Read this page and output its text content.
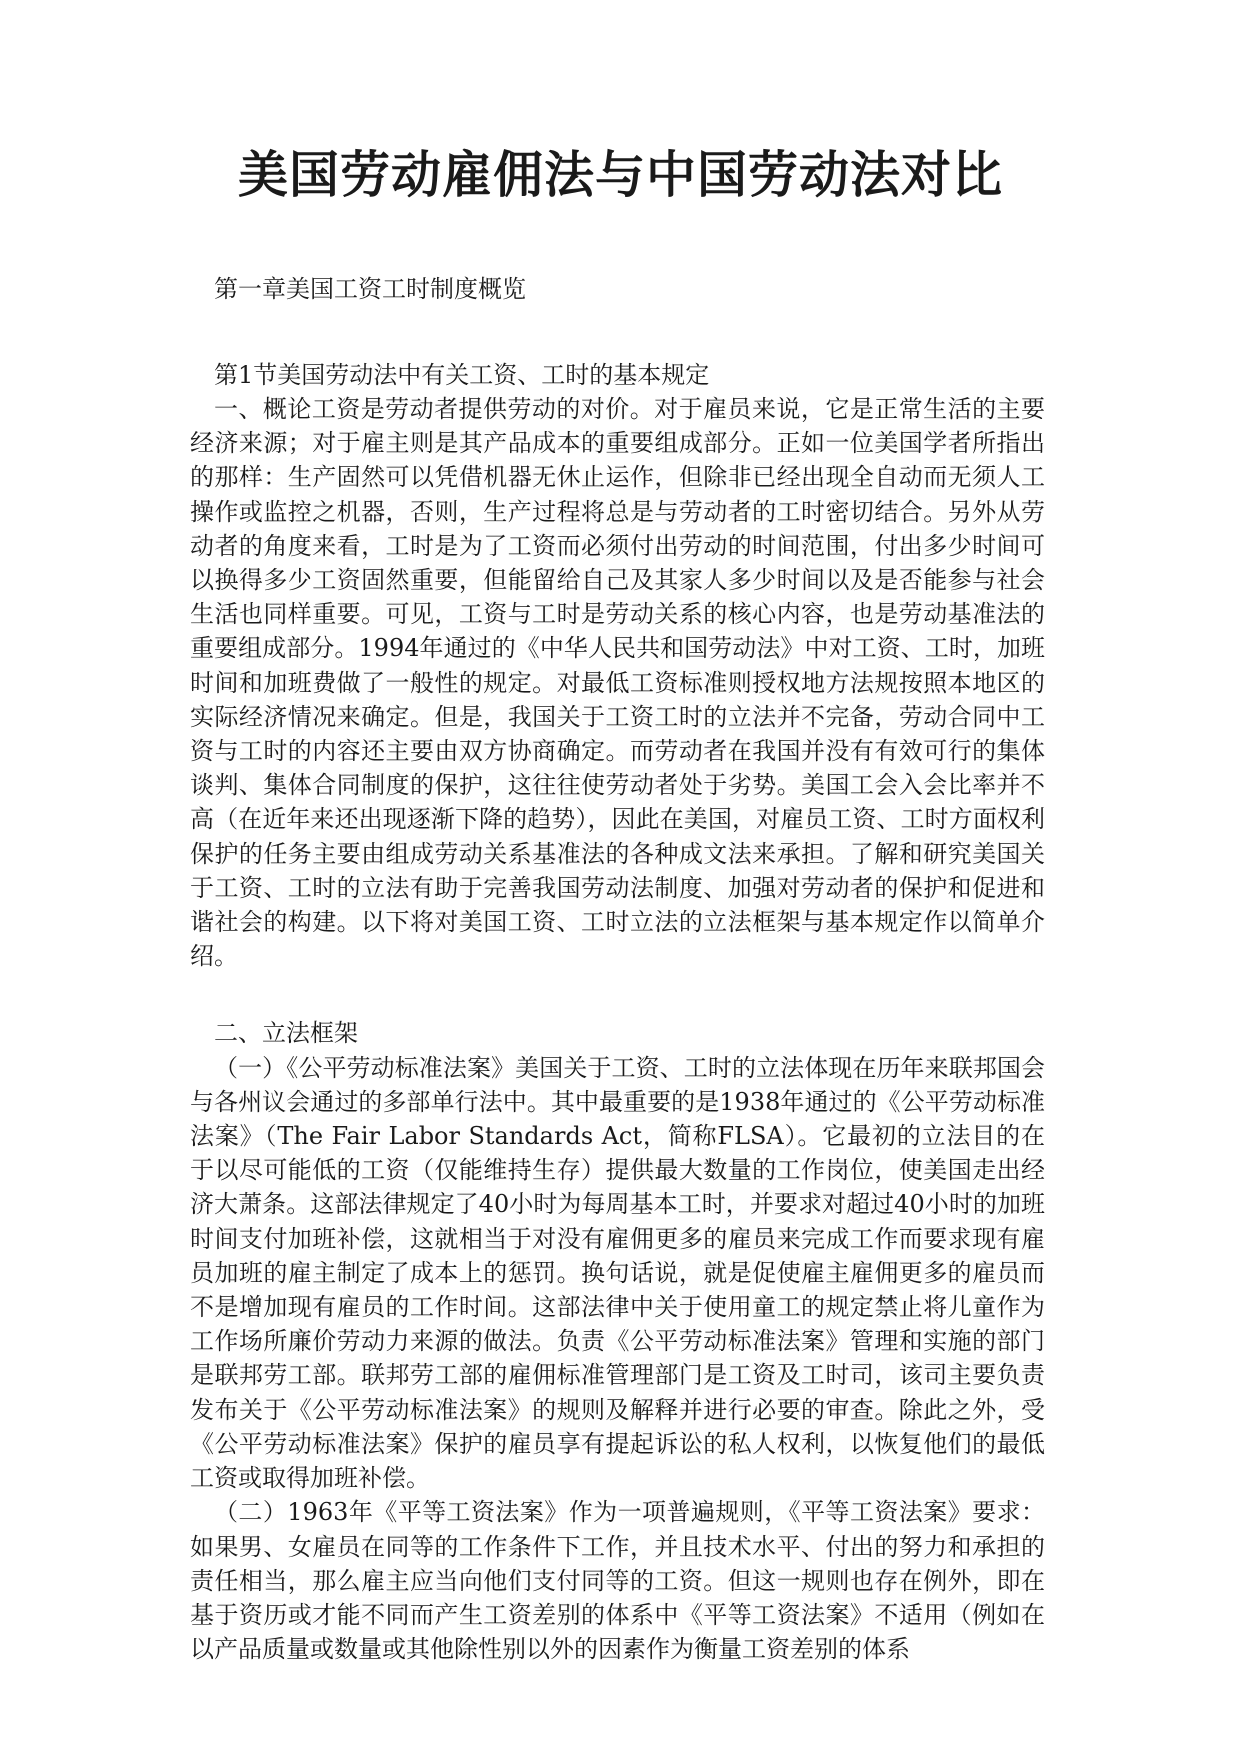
美国劳动雇佣法与中国劳动法对比

第一章美国工资工时制度概览

第1节美国劳动法中有关工资、工时的基本规定

一、概论工资是劳动者提供劳动的对价。对于雇员来说，它是正常生活的主要经济来源；对于雇主则是其产品成本的重要组成部分。正如一位美国学者所指出的那样：生产固然可以凭借机器无休止运作，但除非已经出现全自动而无须人工操作或监控之机器，否则，生产过程将总是与劳动者的工时密切结合。另外从劳动者的角度来看，工时是为了工资而必须付出劳动的时间范围，付出多少时间可以换得多少工资固然重要，但能留给自己及其家人多少时间以及是否能参与社会生活也同样重要。可见，工资与工时是劳动关系的核心内容，也是劳动基准法的重要组成部分。1994年通过的《中华人民共和国劳动法》中对工资、工时，加班时间和加班费做了一般性的规定。对最低工资标准则授权地方法规按照本地区的实际经济情况来确定。但是，我国关于工资工时的立法并不完备，劳动合同中工资与工时的内容还主要由双方协商确定。而劳动者在我国并没有有效可行的集体谈判、集体合同制度的保护，这往往使劳动者处于劣势。美国工会入会比率并不高（在近年来还出现逐渐下降的趋势），因此在美国，对雇员工资、工时方面权利保护的任务主要由组成劳动关系基准法的各种成文法来承担。了解和研究美国关于工资、工时的立法有助于完善我国劳动法制度、加强对劳动者的保护和促进和谐社会的构建。以下将对美国工资、工时立法的立法框架与基本规定作以简单介绍。

二、立法框架

（一）《公平劳动标准法案》美国关于工资、工时的立法体现在历年来联邦国会与各州议会通过的多部单行法中。其中最重要的是1938年通过的《公平劳动标准法案》（The Fair Labor Standards Act，简称FLSA）。它最初的立法目的在于以尽可能低的工资（仅能维持生存）提供最大数量的工作岗位，使美国走出经济大萧条。这部法律规定了40小时为每周基本工时，并要求对超过40小时的加班时间支付加班补偿，这就相当于对没有雇佣更多的雇员来完成工作而要求现有雇员加班的雇主制定了成本上的惩罚。换句话说，就是促使雇主雇佣更多的雇员而不是增加现有雇员的工作时间。这部法律中关于使用童工的规定禁止将儿童作为工作场所廉价劳动力来源的做法。负责《公平劳动标准法案》管理和实施的部门是联邦劳工部。联邦劳工部的雇佣标准管理部门是工资及工时司，该司主要负责发布关于《公平劳动标准法案》的规则及解释并进行必要的审查。除此之外，受《公平劳动标准法案》保护的雇员享有提起诉讼的私人权利，以恢复他们的最低工资或取得加班补偿。

（二）1963年《平等工资法案》作为一项普遍规则，《平等工资法案》要求：如果男、女雇员在同等的工作条件下工作，并且技术水平、付出的努力和承担的责任相当，那么雇主应当向他们支付同等的工资。但这一规则也存在例外，即在基于资历或才能不同而产生工资差别的体系中《平等工资法案》不适用（例如在以产品质量或数量或其他除性别以外的因素作为衡量工资差别的体系
